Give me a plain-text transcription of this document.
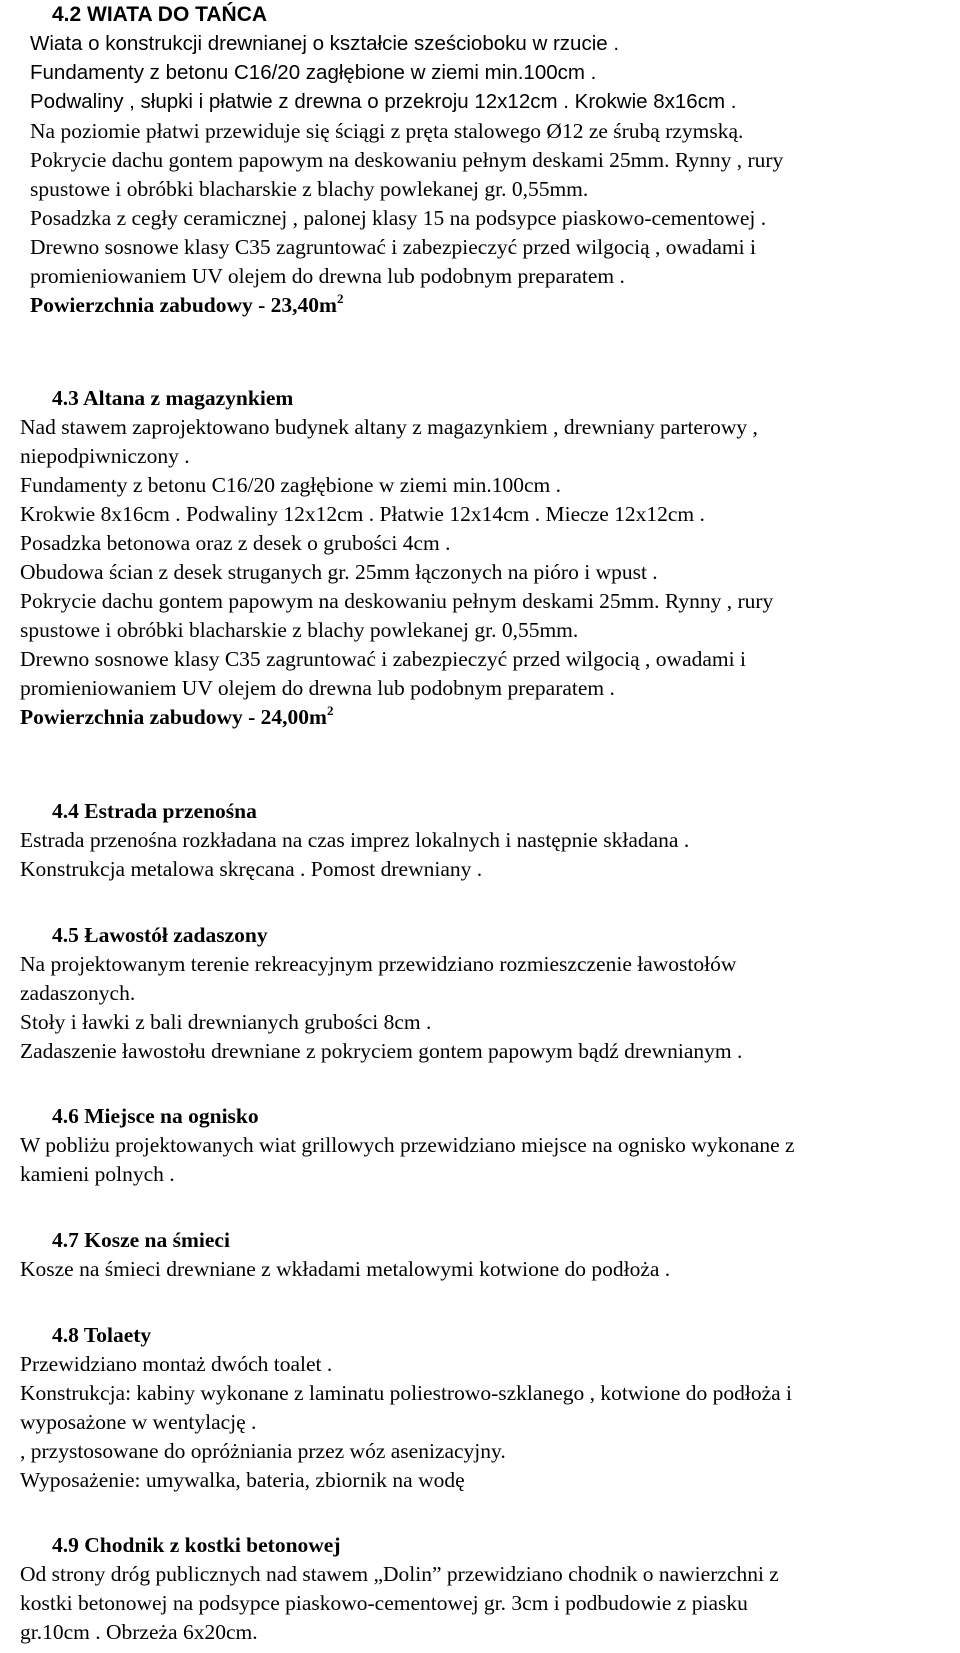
4.2 WIATA DO TAŃCA
Wiata o konstrukcji drewnianej o kształcie sześcioboku w rzucie .
Fundamenty z betonu C16/20 zagłębione w ziemi min.100cm .
Podwaliny , słupki i płatwie z drewna o przekroju 12x12cm . Krokwie 8x16cm .
Na poziomie płatwi przewiduje się ściągi z pręta stalowego Ø12 ze śrubą rzymską.
Pokrycie dachu gontem papowym na deskowaniu pełnym deskami 25mm. Rynny , rury
spustowe i obróbki blacharskie z blachy powlekanej gr. 0,55mm.
Posadzka z cegły ceramicznej , palonej klasy 15 na podsypce piaskowo-cementowej .
Drewno sosnowe klasy C35 zagruntować i zabezpieczyć przed wilgocią , owadami i
promieniowaniem UV olejem do drewna lub podobnym preparatem .
Powierzchnia zabudowy - $23,40m^2$
4.3 Altana z magazynkiem
Nad stawem zaprojektowano budynek altany z magazynkiem , drewniany parterowy ,
niepodpiwniczony .
Fundamenty z betonu C16/20 zagłębione w ziemi min.100cm .
Krokwie 8x16cm . Podwaliny 12x12cm . Płatwie 12x14cm . Miecze 12x12cm .
Posadzka betonowa oraz z desek o grubości 4cm .
Obudowa ścian z desek struganych gr. 25mm łączonych na pióro i wpust .
Pokrycie dachu gontem papowym na deskowaniu pełnym deskami 25mm. Rynny , rury
spustowe i obróbki blacharskie z blachy powlekanej gr. 0,55mm.
Drewno sosnowe klasy C35 zagruntować i zabezpieczyć przed wilgocią , owadami i
promieniowaniem UV olejem do drewna lub podobnym preparatem .
Powierzchnia zabudowy - $24,00m^2$
4.4 Estrada przenośna
Estrada przenośna rozkładana na czas imprez lokalnych i następnie składana .
Konstrukcja metalowa skręcana . Pomost drewniany .
4.5 Ławostół zadaszony
Na projektowanym terenie rekreacyjnym przewidziano rozmieszczenie ławostołów
zadaszonych.
Stoły i ławki z bali drewnianych grubości 8cm .
Zadaszenie ławostołu drewniane z pokryciem gontem papowym bądź drewnianym .
4.6 Miejsce na ognisko
W pobliżu projektowanych wiat grillowych przewidziano miejsce na ognisko wykonane z
kamieni polnych .
4.7 Kosze na śmieci
Kosze na śmieci drewniane z wkładami metalowymi kotwione do podłoża .
4.8 Tolaety
Przewidziano montaż dwóch toalet .
Konstrukcja: kabiny wykonane z laminatu poliestrowo-szklanego , kotwione do podłoża i
wyposażone w wentylację .
, przystosowane do opróżniania przez wóz asenizacyjny.
Wyposażenie: umywalka, bateria, zbiornik na wodę
4.9 Chodnik z kostki betonowej
Od strony dróg publicznych nad stawem „Dolin” przewidziano chodnik o nawierzchni z
kostki betonowej na podsypce piaskowo-cementowej gr. 3cm i podbudowie z piasku
gr.10cm . Obrzeża 6x20cm.
